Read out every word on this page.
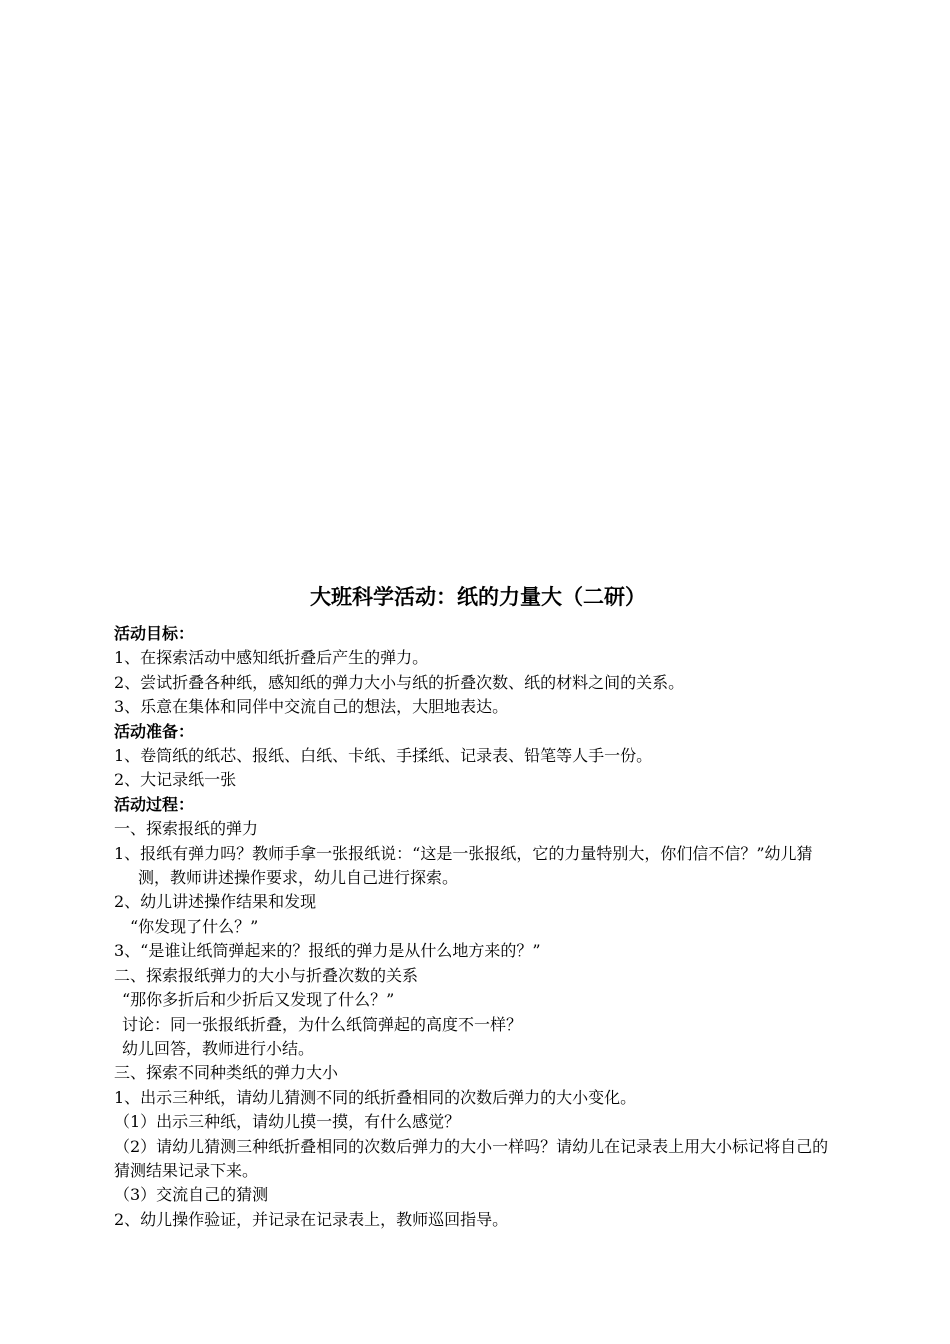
大班科学活动：纸的力量大（二研）
活动目标：
1、在探索活动中感知纸折叠后产生的弹力。
2、尝试折叠各种纸，感知纸的弹力大小与纸的折叠次数、纸的材料之间的关系。
3、乐意在集体和同伴中交流自己的想法，大胆地表达。
活动准备：
1、卷筒纸的纸芯、报纸、白纸、卡纸、手揉纸、记录表、铅笔等人手一份。
2、大记录纸一张
活动过程：
一、探索报纸的弹力
1、报纸有弹力吗？教师手拿一张报纸说：“这是一张报纸，它的力量特别大，你们信不信？”幼儿猜测，教师讲述操作要求，幼儿自己进行探索。
2、幼儿讲述操作结果和发现
“你发现了什么？”
3、“是谁让纸筒弹起来的？报纸的弹力是从什么地方来的？”
二、探索报纸弹力的大小与折叠次数的关系
“那你多折后和少折后又发现了什么？”
讨论：同一张报纸折叠，为什么纸筒弹起的高度不一样？
幼儿回答，教师进行小结。
三、探索不同种类纸的弹力大小
1、出示三种纸，请幼儿猜测不同的纸折叠相同的次数后弹力的大小变化。
（1）出示三种纸，请幼儿摸一摸，有什么感觉？
（2）请幼儿猜测三种纸折叠相同的次数后弹力的大小一样吗？请幼儿在记录表上用大小标记将自己的猜测结果记录下来。
（3）交流自己的猜测
2、幼儿操作验证，并记录在记录表上，教师巡回指导。
